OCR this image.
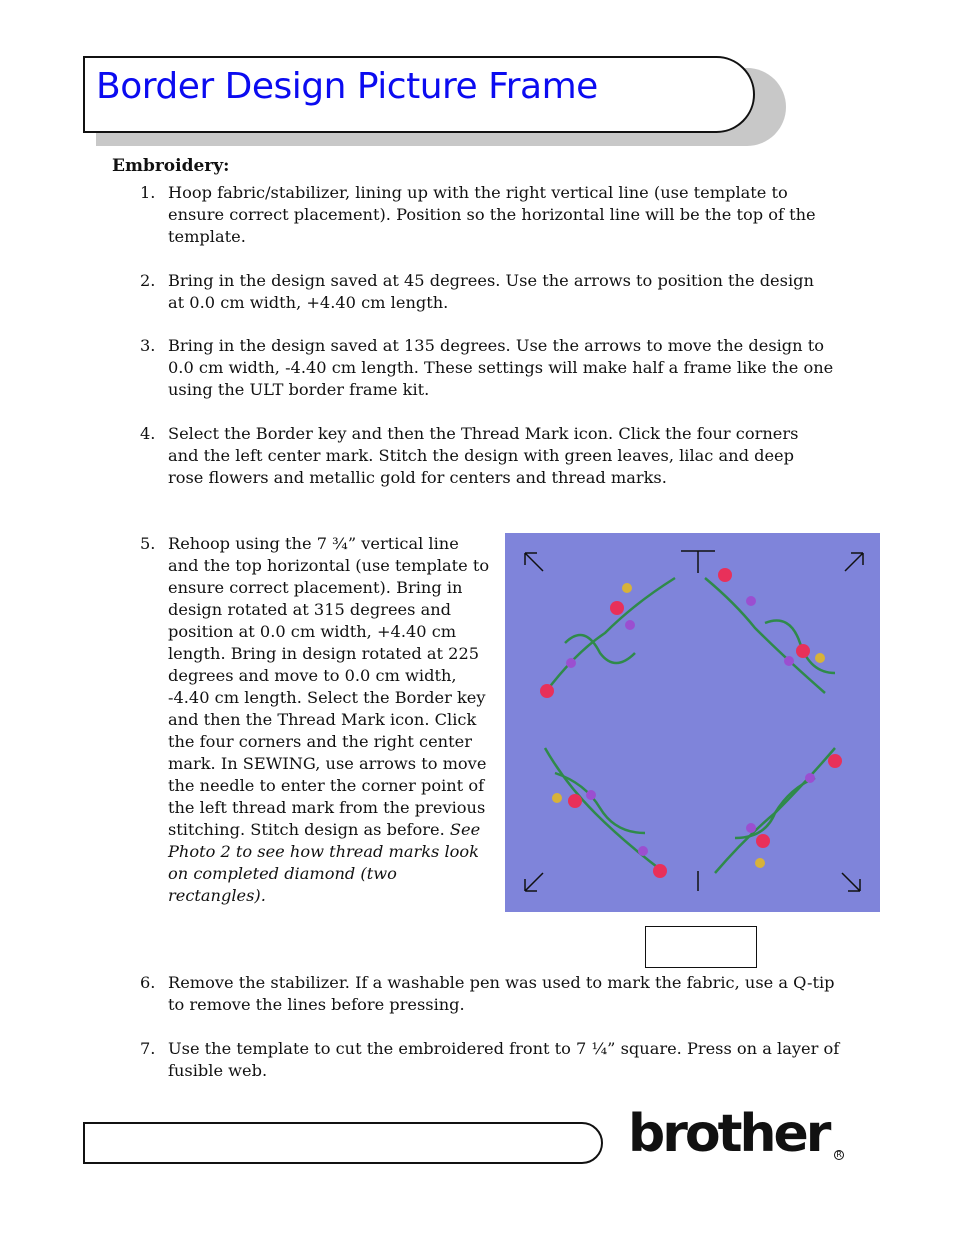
Border Design Picture Frame

Embroidery:

1. Hoop fabric/stabilizer, lining up with the right vertical line (use template to ensure correct placement). Position so the horizontal line will be the top of the template.

2. Bring in the design saved at 45 degrees. Use the arrows to position the design at 0.0 cm width, +4.40 cm length.

3. Bring in the design saved at 135 degrees. Use the arrows to move the design to 0.0 cm width, -4.40 cm length. These settings will make half a frame like the one using the ULT border frame kit.

4. Select the Border key and then the Thread Mark icon. Click the four corners and the left center mark. Stitch the design with green leaves, lilac and deep rose flowers and metallic gold for centers and thread marks.

5. Rehoop using the 7 ¾” vertical line and the top horizontal (use template to ensure correct placement). Bring in design rotated at 315 degrees and position at 0.0 cm width, +4.40 cm length. Bring in design rotated at 225 degrees and move to 0.0 cm width, -4.40 cm length. Select the Border key and then the Thread Mark icon. Click the four corners and the right center mark. In SEWING, use arrows to move the needle to enter the corner point of the left thread mark from the previous stitching. Stitch design as before. See Photo 2 to see how thread marks look on completed diamond (two rectangles).

6. Remove the stabilizer. If a washable pen was used to mark the fabric, use a Q-tip to remove the lines before pressing.

7. Use the template to cut the embroidered front to 7 ¼” square. Press on a layer of fusible web.

brother R
